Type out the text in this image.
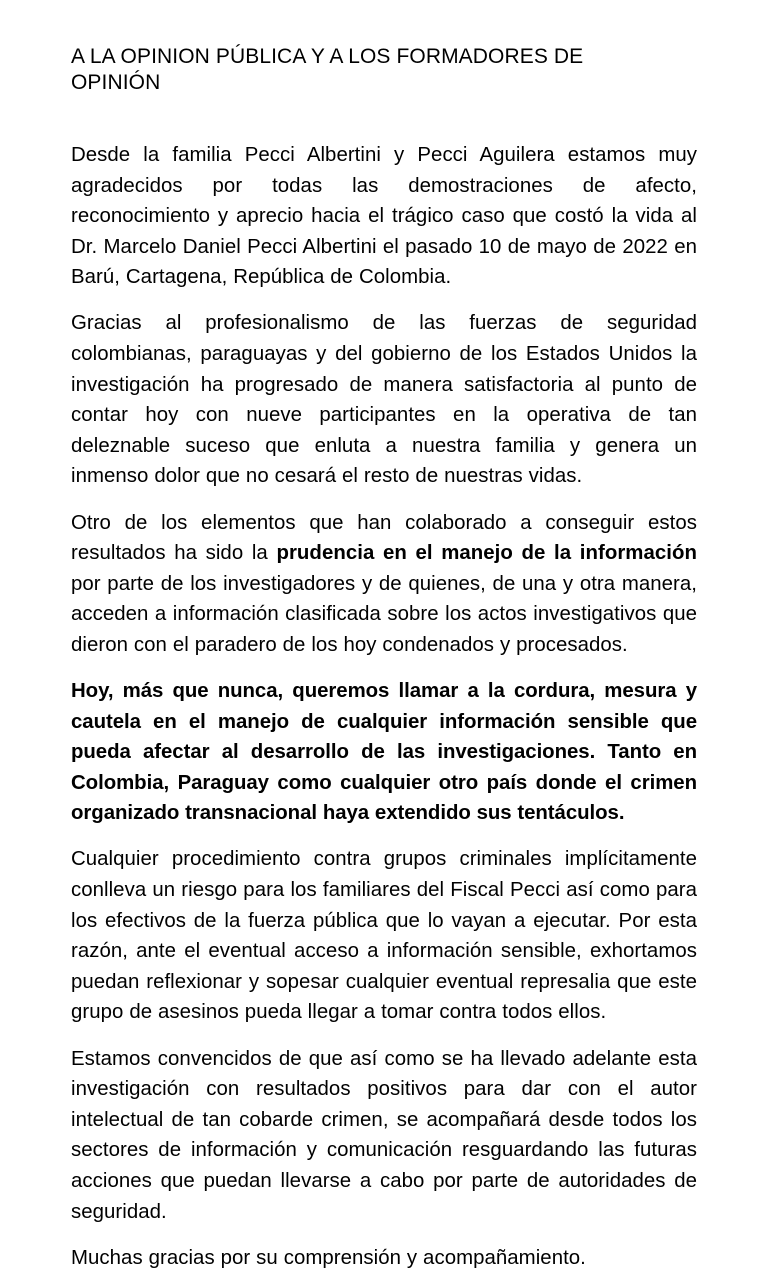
A LA OPINION PÚBLICA Y A LOS FORMADORES DE OPINIÓN

Desde la familia Pecci Albertini y Pecci Aguilera estamos muy agradecidos por todas las demostraciones de afecto, reconocimiento y aprecio hacia el trágico caso que costó la vida al Dr. Marcelo Daniel Pecci Albertini el pasado 10 de mayo de 2022 en Barú, Cartagena, República de Colombia.

Gracias al profesionalismo de las fuerzas de seguridad colombianas, paraguayas y del gobierno de los Estados Unidos la investigación ha progresado de manera satisfactoria al punto de contar hoy con nueve participantes en la operativa de tan deleznable suceso que enluta a nuestra familia y genera un inmenso dolor que no cesará el resto de nuestras vidas.

Otro de los elementos que han colaborado a conseguir estos resultados ha sido la prudencia en el manejo de la información por parte de los investigadores y de quienes, de una y otra manera, acceden a información clasificada sobre los actos investigativos que dieron con el paradero de los hoy condenados y procesados.

Hoy, más que nunca, queremos llamar a la cordura, mesura y cautela en el manejo de cualquier información sensible que pueda afectar al desarrollo de las investigaciones. Tanto en Colombia, Paraguay como cualquier otro país donde el crimen organizado transnacional haya extendido sus tentáculos.

Cualquier procedimiento contra grupos criminales implícitamente conlleva un riesgo para los familiares del Fiscal Pecci así como para los efectivos de la fuerza pública que lo vayan a ejecutar. Por esta razón, ante el eventual acceso a información sensible, exhortamos puedan reflexionar y sopesar cualquier eventual represalia que este grupo de asesinos pueda llegar a tomar contra todos ellos.

Estamos convencidos de que así como se ha llevado adelante esta investigación con resultados positivos para dar con el autor intelectual de tan cobarde crimen, se acompañará desde todos los sectores de información y comunicación resguardando las futuras acciones que puedan llevarse a cabo por parte de autoridades de seguridad.

Muchas gracias por su comprensión y acompañamiento.
